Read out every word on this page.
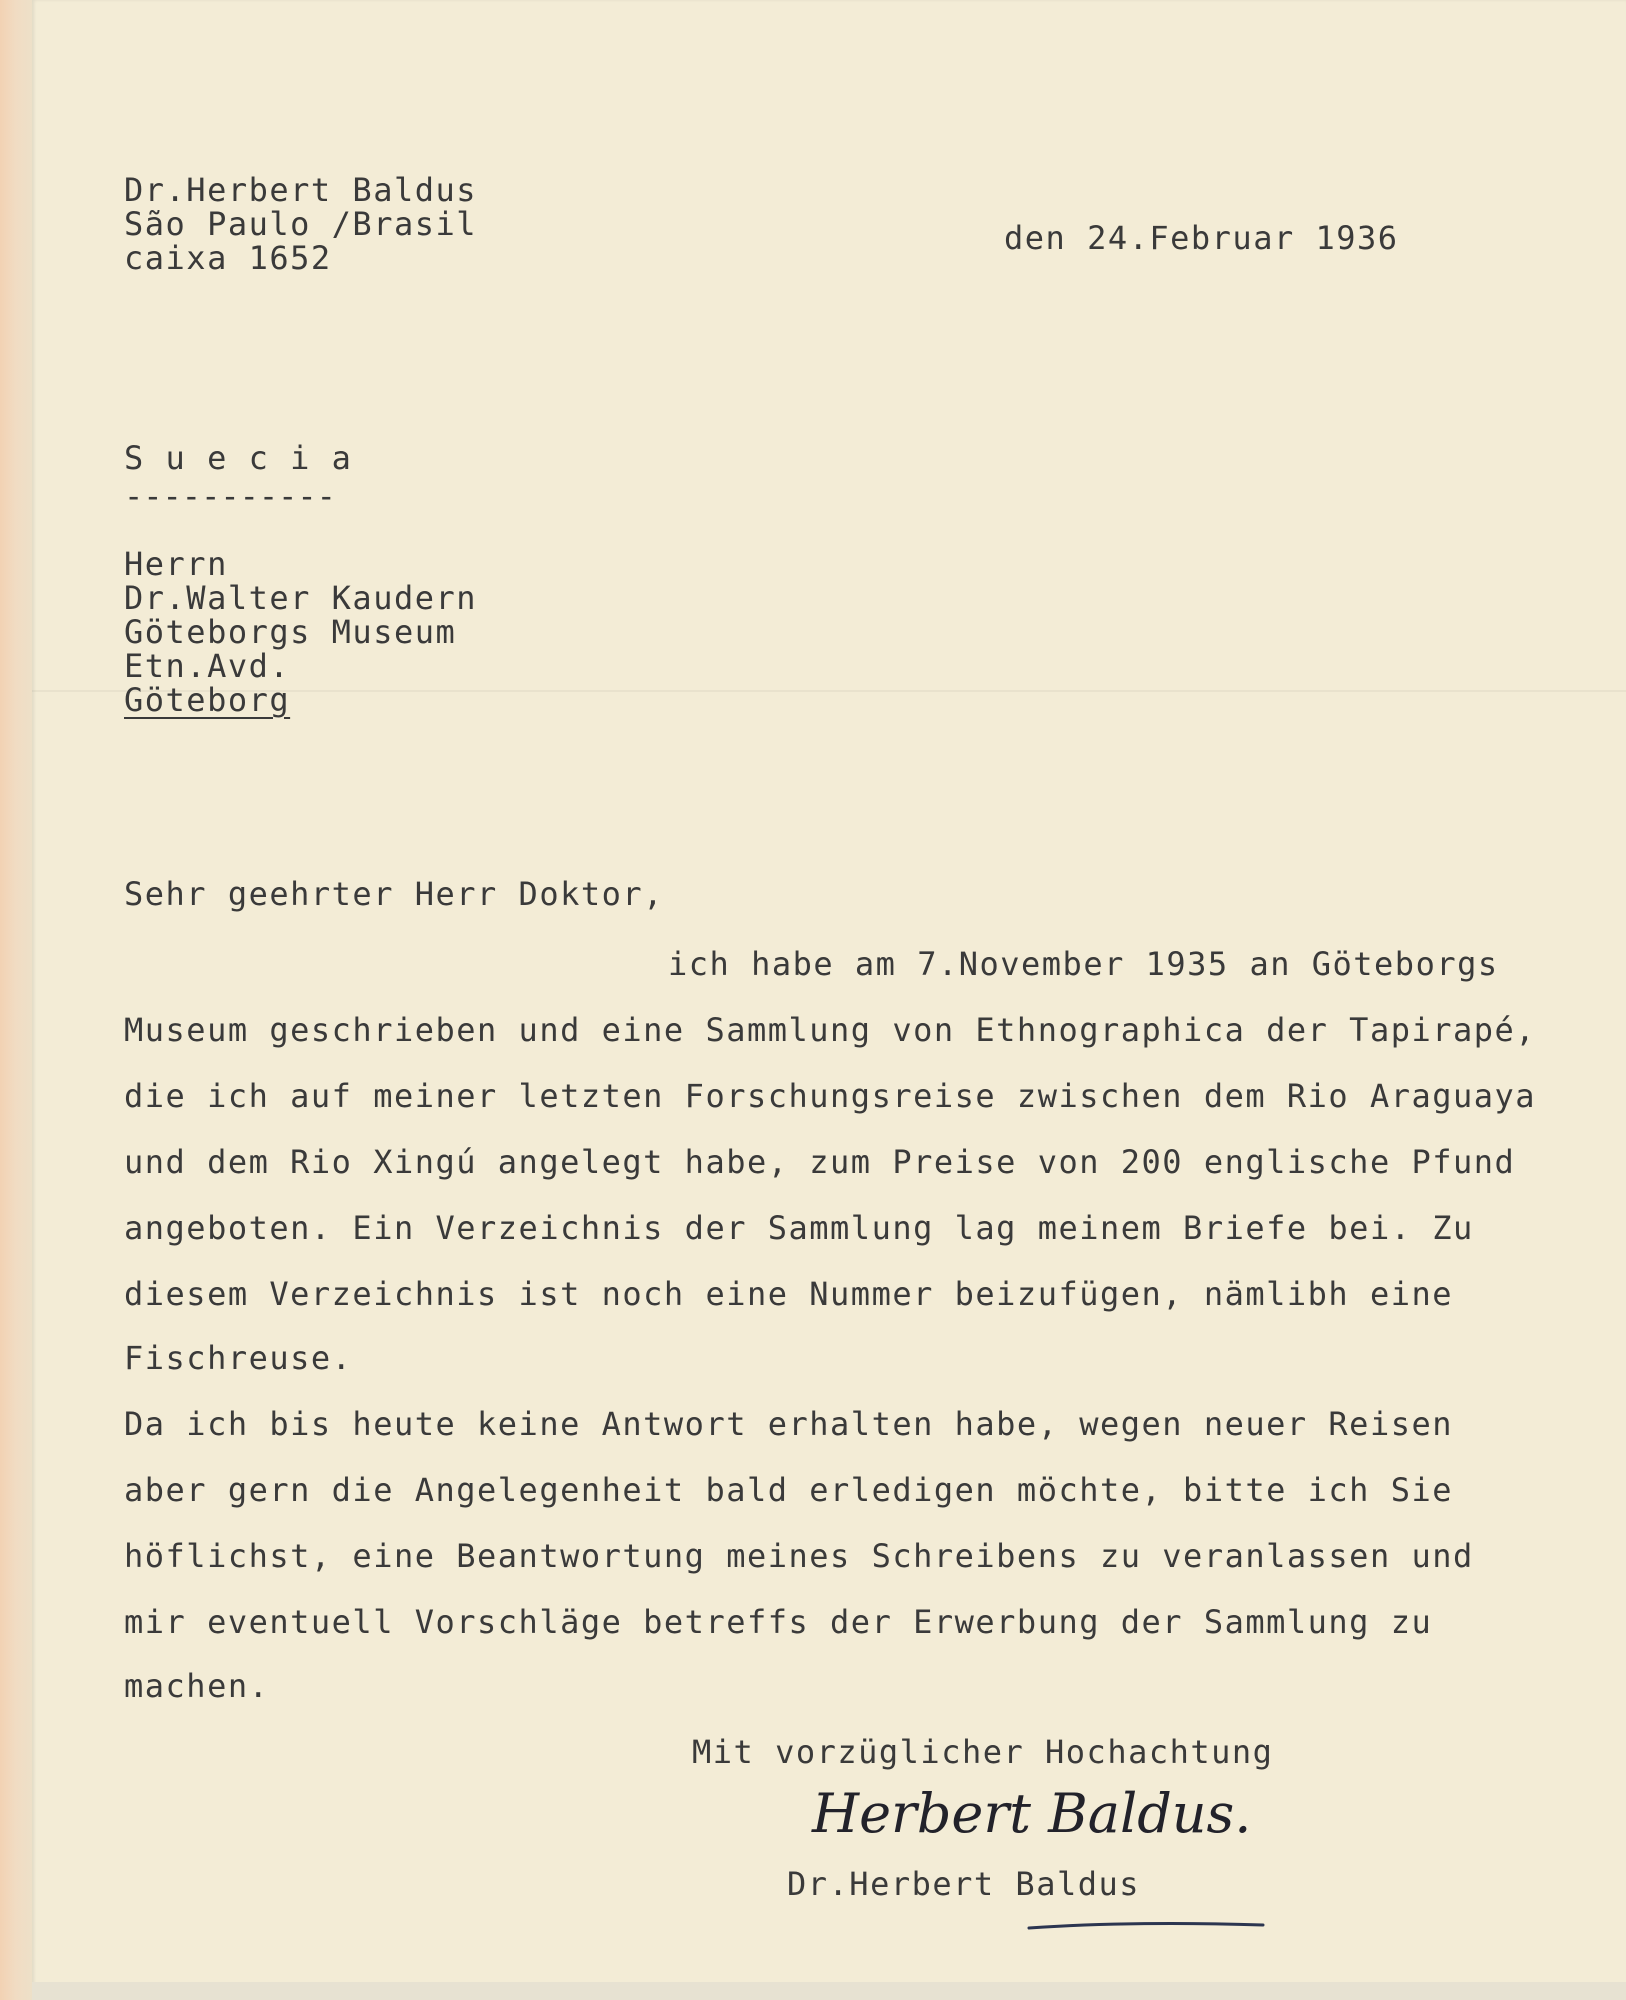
Dr.Herbert Baldus
São Paulo /Brasil
caixa 1652
den 24.Februar 1936
S u e c i a
-----------
Herrn
Dr.Walter Kaudern
Göteborgs Museum
Etn.Avd.
Göteborg
Sehr geehrter Herr Doktor,
ich habe am 7.November 1935 an Göteborgs
Museum geschrieben und eine Sammlung von Ethnographica der Tapirapé,
die ich auf meiner letzten Forschungsreise zwischen dem Rio Araguaya
und dem Rio Xingú angelegt habe, zum Preise von 200 englische Pfund
angeboten. Ein Verzeichnis der Sammlung lag meinem Briefe bei. Zu
diesem Verzeichnis ist noch eine Nummer beizufügen, nämlibh eine
Fischreuse.
Da ich bis heute keine Antwort erhalten habe, wegen neuer Reisen
aber gern die Angelegenheit bald erledigen möchte, bitte ich Sie
höflichst, eine Beantwortung meines Schreibens zu veranlassen und
mir eventuell Vorschläge betreffs der Erwerbung der Sammlung zu
machen.
Mit vorzüglicher Hochachtung
Herbert Baldus.
Dr.Herbert Baldus
